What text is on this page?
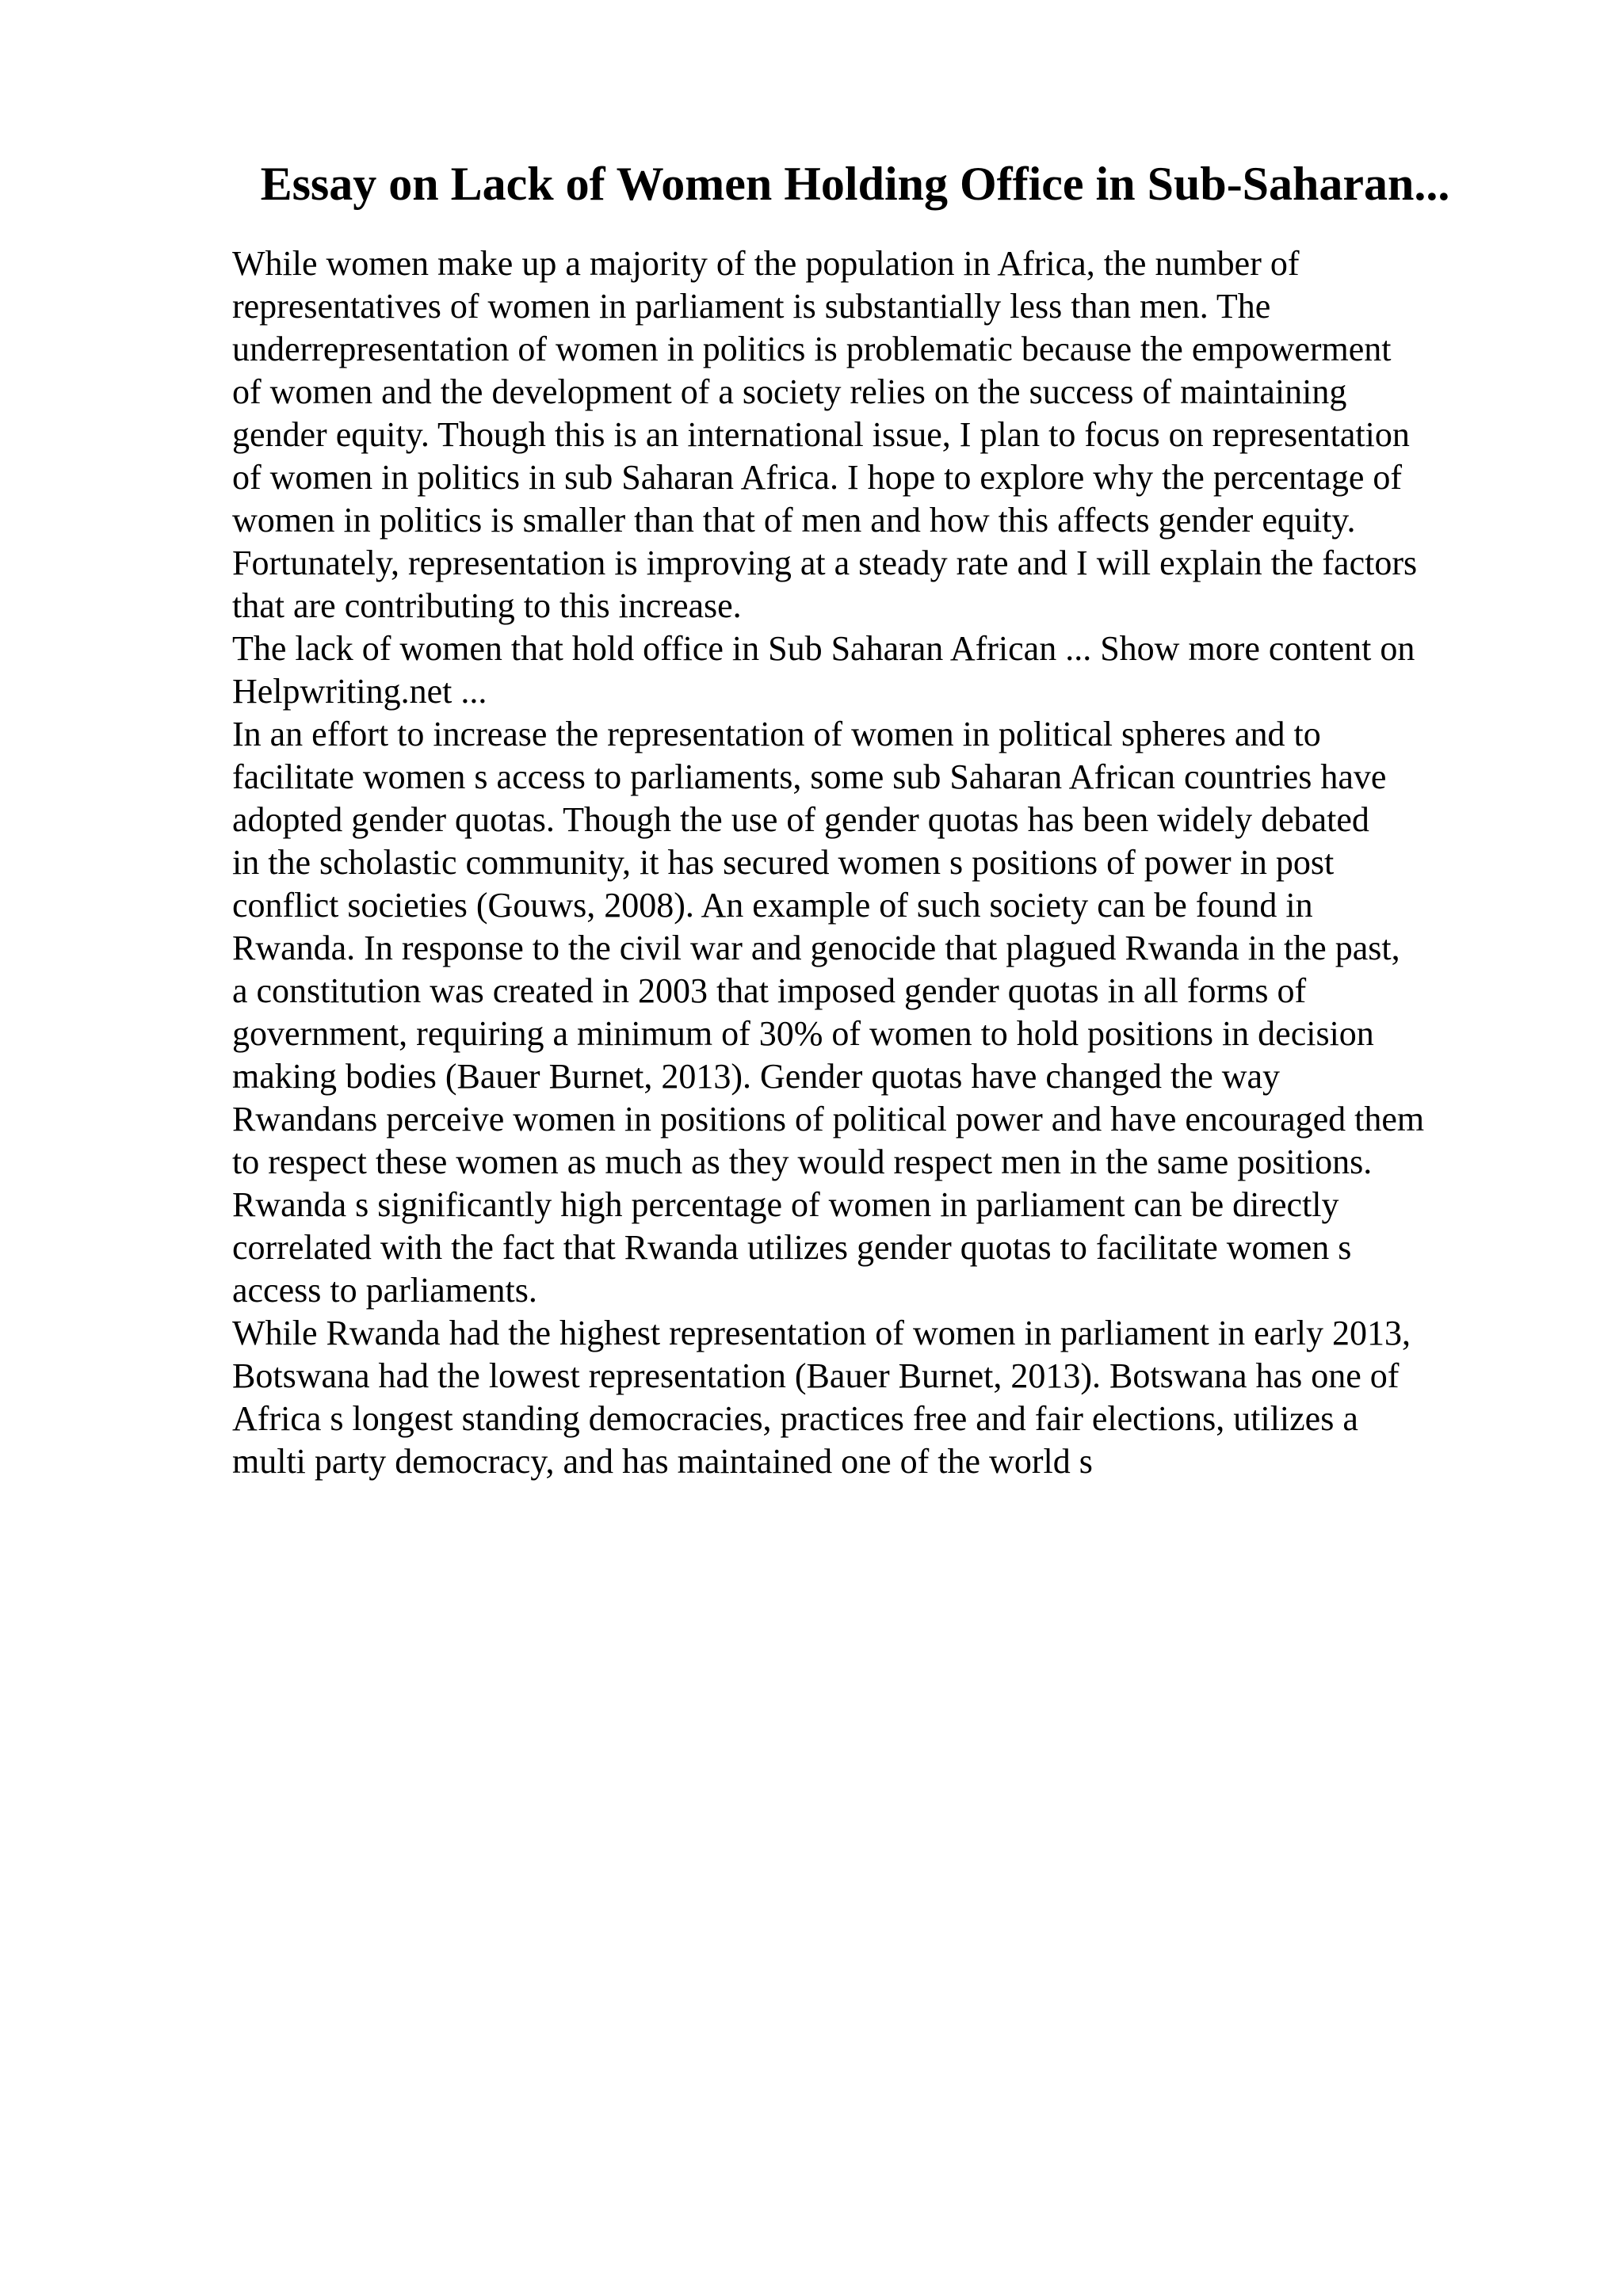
Essay on Lack of Women Holding Office in Sub-Saharan...
While women make up a majority of the population in Africa, the number of
representatives of women in parliament is substantially less than men. The
underrepresentation of women in politics is problematic because the empowerment
of women and the development of a society relies on the success of maintaining
gender equity. Though this is an international issue, I plan to focus on representation
of women in politics in sub Saharan Africa. I hope to explore why the percentage of
women in politics is smaller than that of men and how this affects gender equity.
Fortunately, representation is improving at a steady rate and I will explain the factors
that are contributing to this increase.
The lack of women that hold office in Sub Saharan African ... Show more content on
Helpwriting.net ...
In an effort to increase the representation of women in political spheres and to
facilitate women s access to parliaments, some sub Saharan African countries have
adopted gender quotas. Though the use of gender quotas has been widely debated
in the scholastic community, it has secured women s positions of power in post
conflict societies (Gouws, 2008). An example of such society can be found in
Rwanda. In response to the civil war and genocide that plagued Rwanda in the past,
a constitution was created in 2003 that imposed gender quotas in all forms of
government, requiring a minimum of 30% of women to hold positions in decision
making bodies (Bauer Burnet, 2013). Gender quotas have changed the way
Rwandans perceive women in positions of political power and have encouraged them
to respect these women as much as they would respect men in the same positions.
Rwanda s significantly high percentage of women in parliament can be directly
correlated with the fact that Rwanda utilizes gender quotas to facilitate women s
access to parliaments.
While Rwanda had the highest representation of women in parliament in early 2013,
Botswana had the lowest representation (Bauer Burnet, 2013). Botswana has one of
Africa s longest standing democracies, practices free and fair elections, utilizes a
multi party democracy, and has maintained one of the world s
